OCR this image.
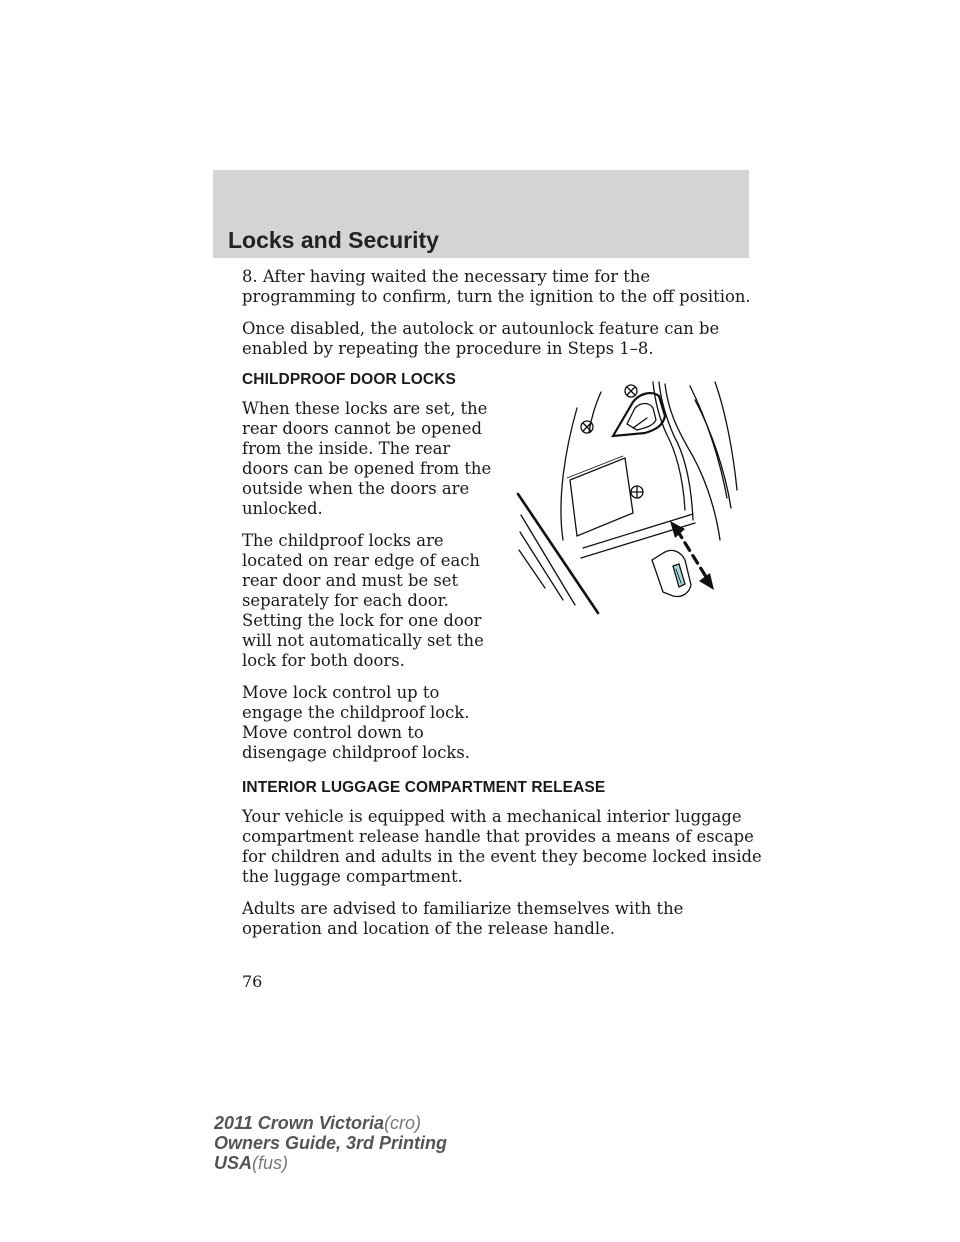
Locks and Security

8. After having waited the necessary time for the programming to confirm, turn the ignition to the off position.

Once disabled, the autolock or autounlock feature can be enabled by repeating the procedure in Steps 1–8.

CHILDPROOF DOOR LOCKS

When these locks are set, the rear doors cannot be opened from the inside. The rear doors can be opened from the outside when the doors are unlocked.

The childproof locks are located on rear edge of each rear door and must be set separately for each door. Setting the lock for one door will not automatically set the lock for both doors.

Move lock control up to engage the childproof lock. Move control down to disengage childproof locks.

INTERIOR LUGGAGE COMPARTMENT RELEASE

Your vehicle is equipped with a mechanical interior luggage compartment release handle that provides a means of escape for children and adults in the event they become locked inside the luggage compartment.

Adults are advised to familiarize themselves with the operation and location of the release handle.

76

2011 Crown Victoria(cro)
Owners Guide, 3rd Printing
USA(fus)
